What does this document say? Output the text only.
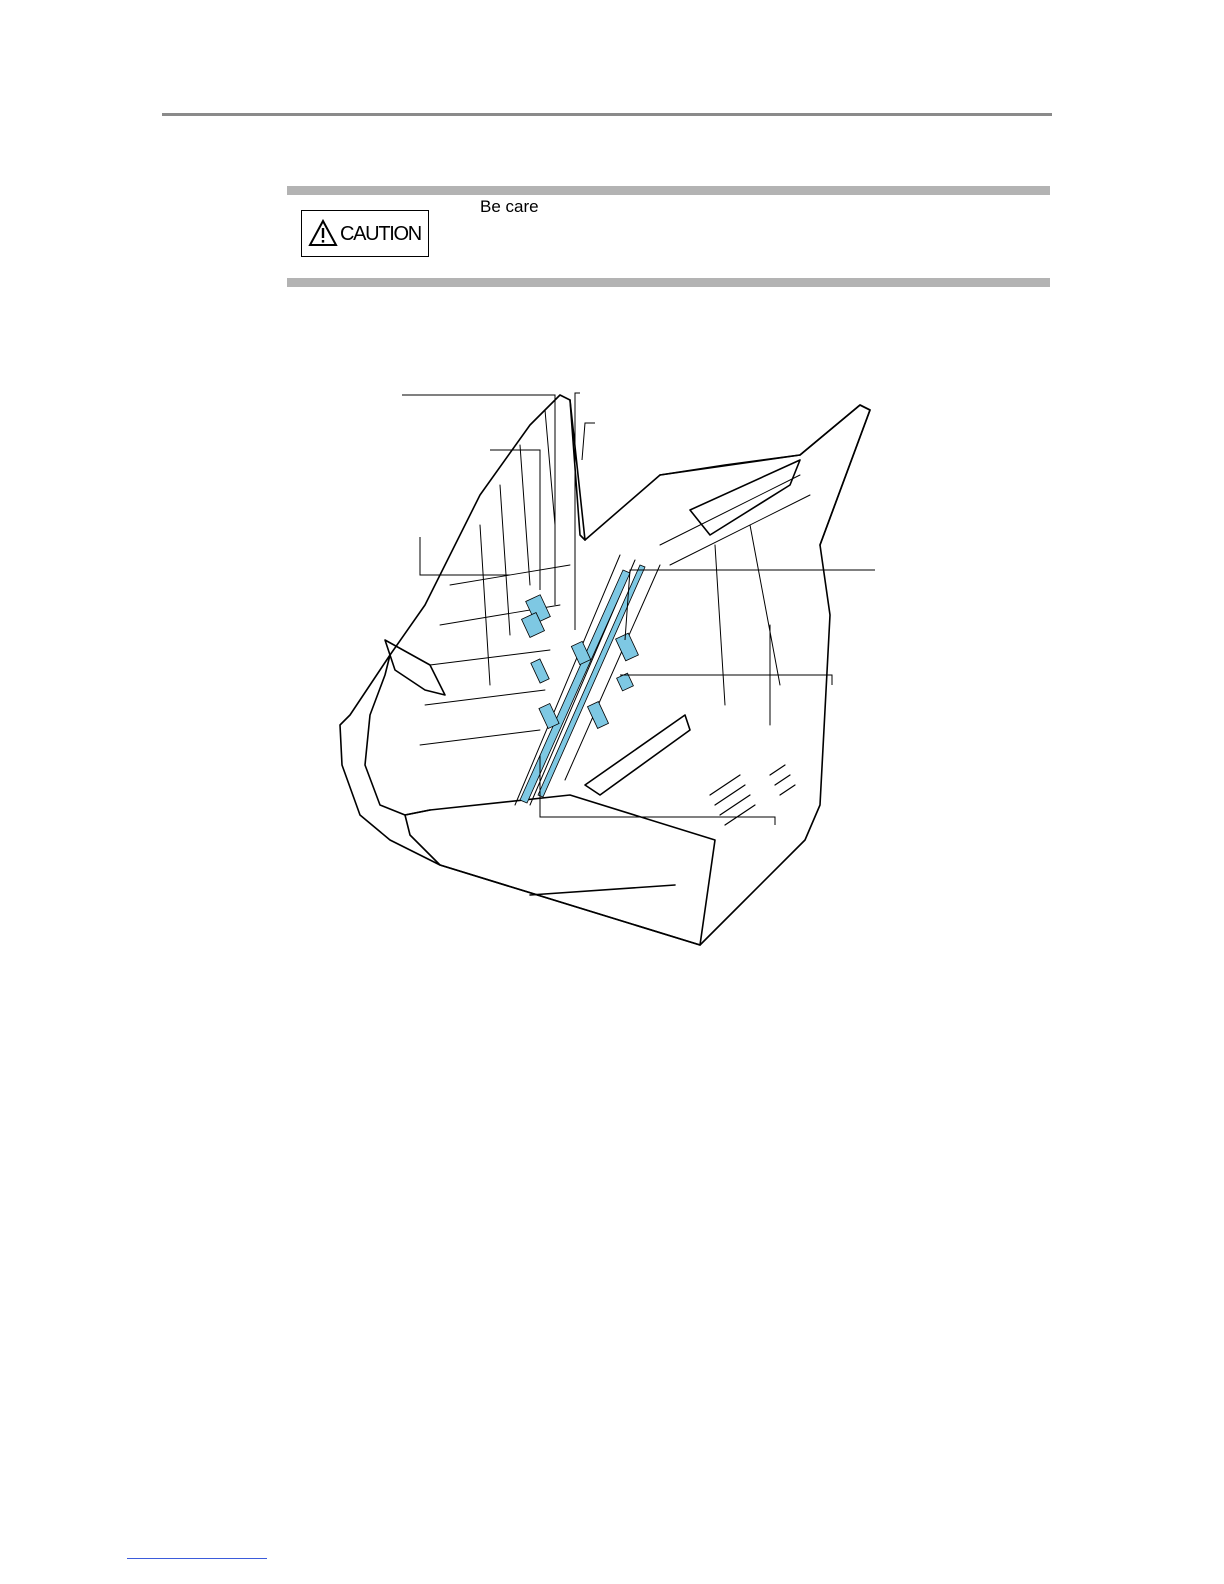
CAUTION
Be care
